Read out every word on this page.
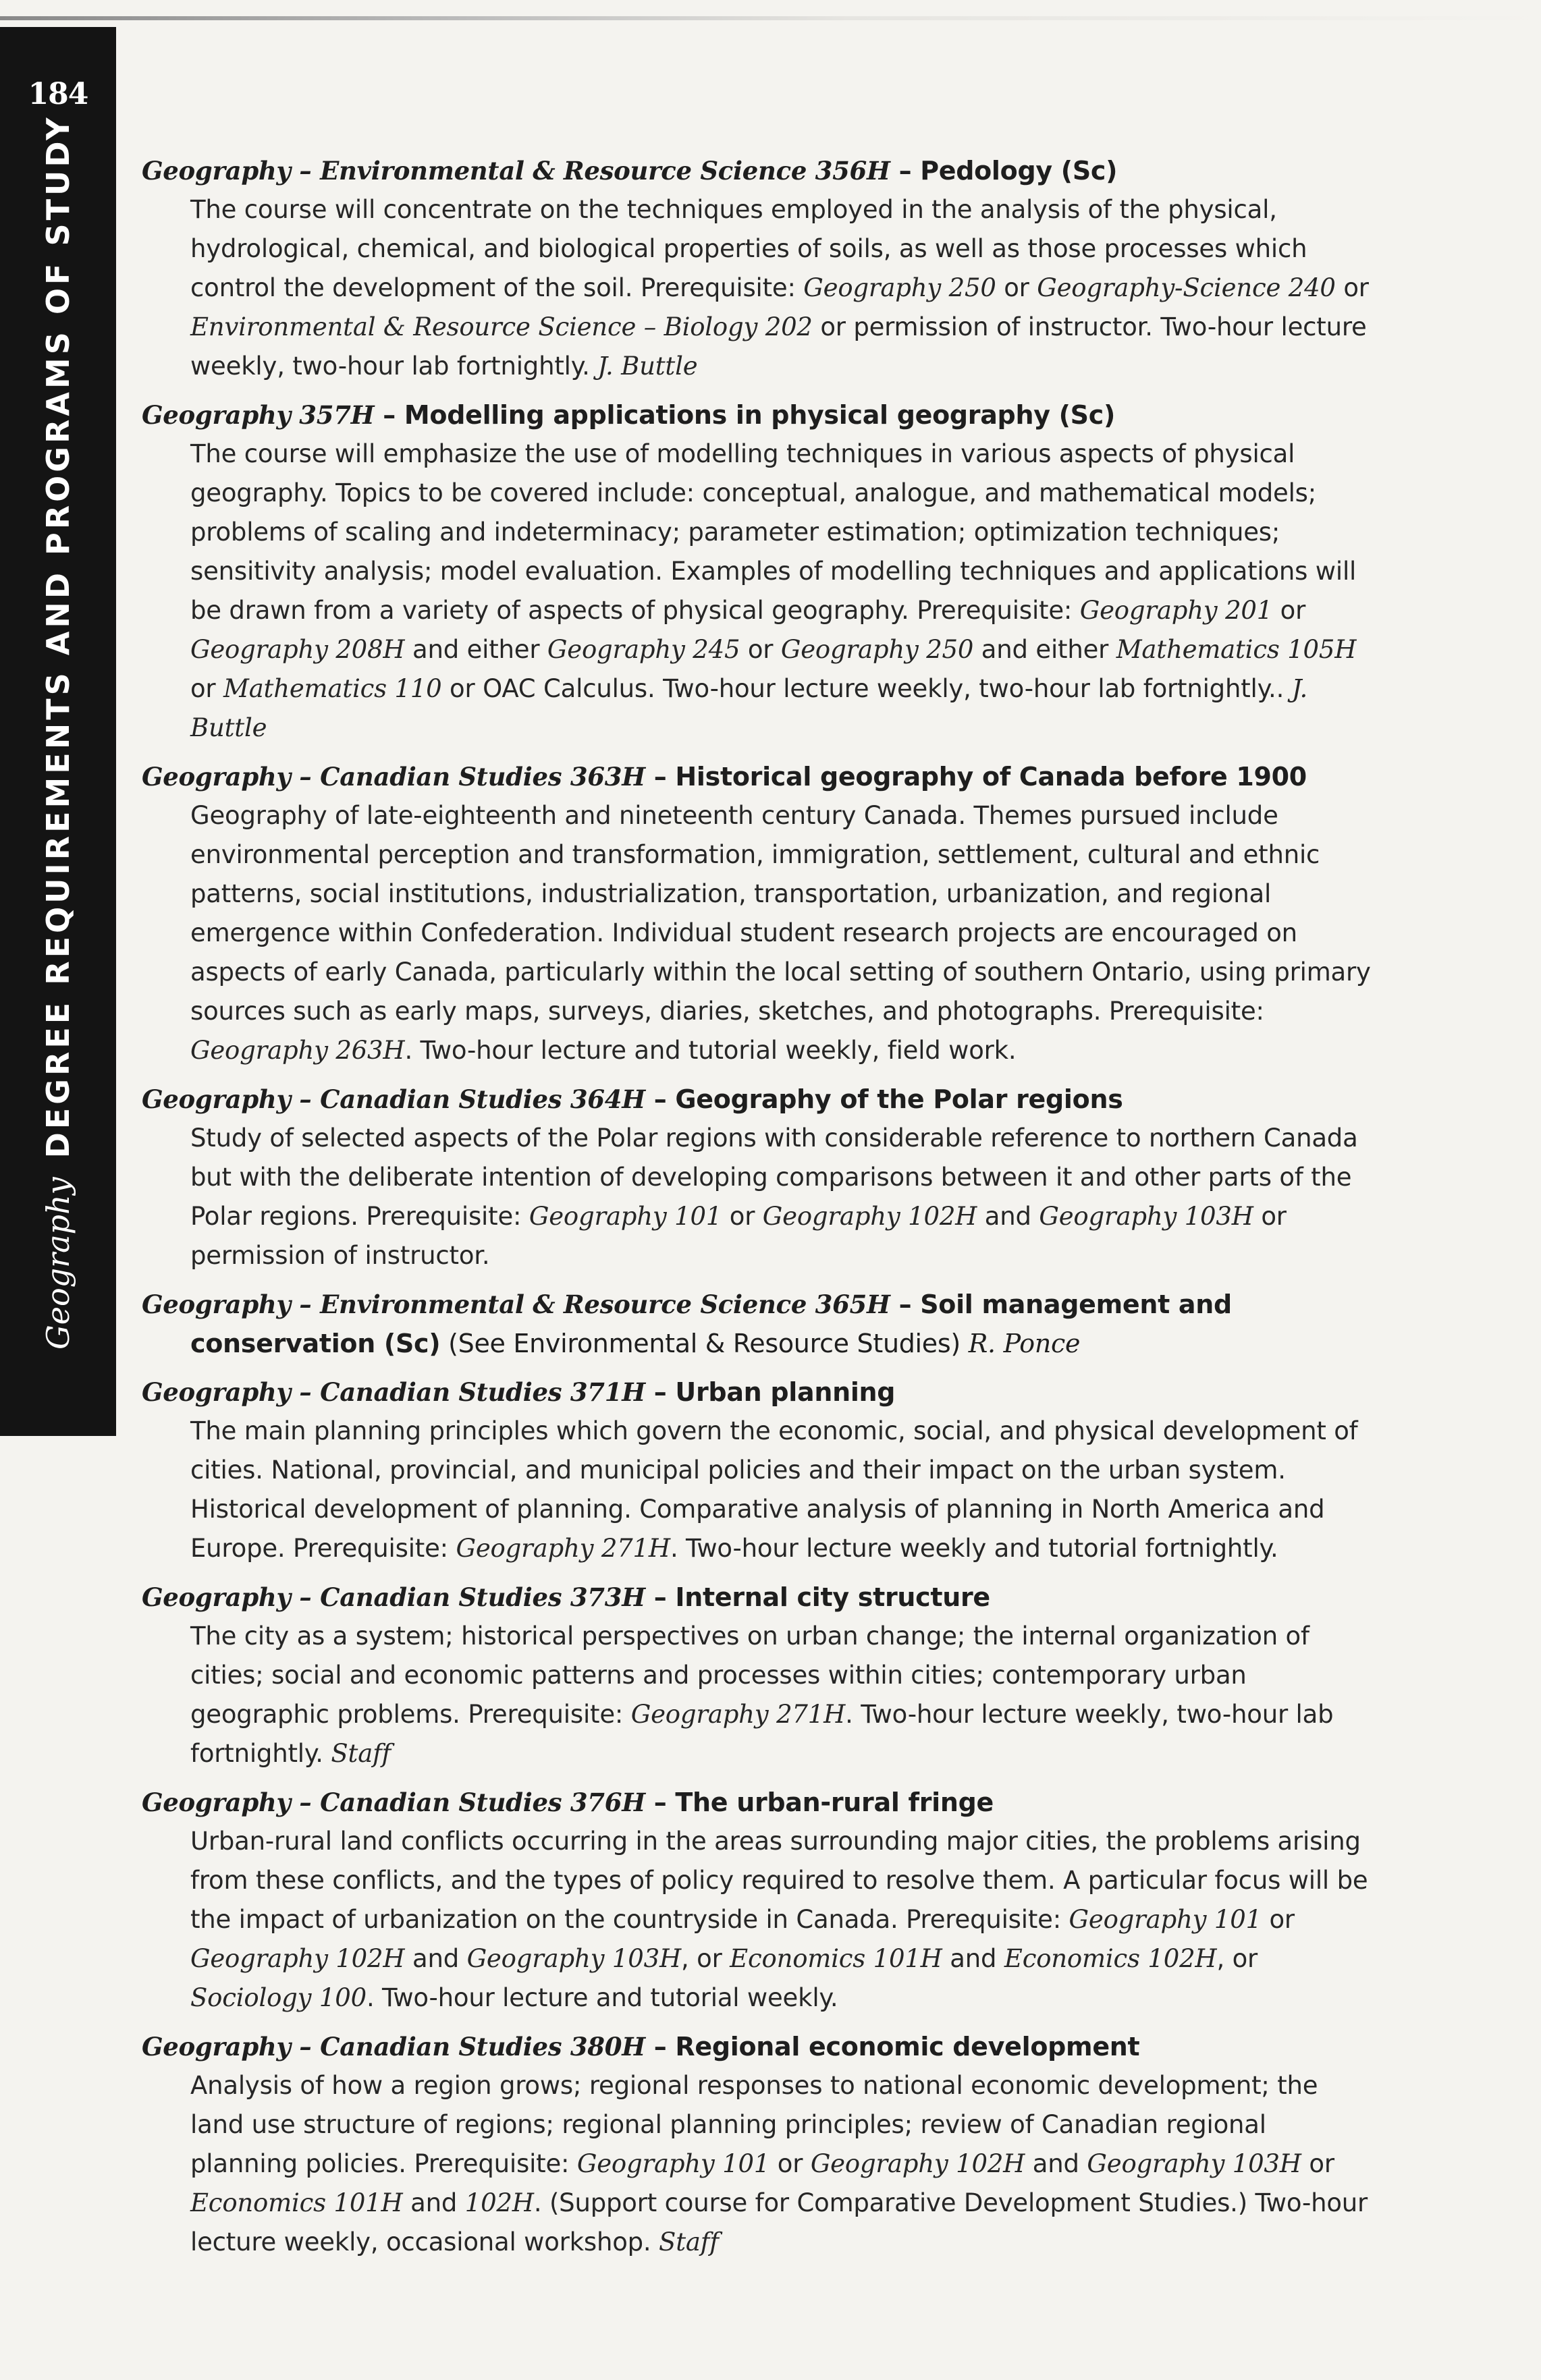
184
GeographyDEGREE REQUIREMENTS AND PROGRAMS OF STUDY	Geography – Environmental & Resource Science 356H – Pedology (Sc)
The course will concentrate on the techniques employed in the analysis of the physical, hydrological, chemical, and biological properties of soils, as well as those processes which control the development of the soil. Prerequisite: Geography 250 or Geography-Science 240 or Environmental & Resource Science – Biology 202 or permission of instructor. Two-hour lecture weekly, two-hour lab fortnightly. J. Buttle
Geography 357H – Modelling applications in physical geography (Sc)
The course will emphasize the use of modelling techniques in various aspects of physical geography. Topics to be covered include: conceptual, analogue, and mathematical models; problems of scaling and indeterminacy; parameter estimation; optimization techniques; sensitivity analysis; model evaluation. Examples of modelling techniques and applications will be drawn from a variety of aspects of physical geography. Prerequisite: Geography 201 or Geography 208H and either Geography 245 or Geography 250 and either Mathematics 105H or Mathematics 110 or OAC Calculus. Two-hour lecture weekly, two-hour lab fortnightly.. J. Buttle
Geography – Canadian Studies 363H – Historical geography of Canada before 1900
Geography of late-eighteenth and nineteenth century Canada. Themes pursued include environmental perception and transformation, immigration, settlement, cultural and ethnic patterns, social institutions, industrialization, transportation, urbanization, and regional emergence within Confederation. Individual student research projects are encouraged on aspects of early Canada, particularly within the local setting of southern Ontario, using primary sources such as early maps, surveys, diaries, sketches, and photographs. Prerequisite: Geography 263H. Two-hour lecture and tutorial weekly, field work.
Geography – Canadian Studies 364H – Geography of the Polar regions
Study of selected aspects of the Polar regions with considerable reference to northern Canada but with the deliberate intention of developing comparisons between it and other parts of the Polar regions. Prerequisite: Geography 101 or Geography 102H and Geography 103H or permission of instructor.
Geography – Environmental & Resource Science 365H – Soil management and conservation (Sc) (See Environmental & Resource Studies) R. Ponce
Geography – Canadian Studies 371H – Urban planning
The main planning principles which govern the economic, social, and physical development of cities. National, provincial, and municipal policies and their impact on the urban system. Historical development of planning. Comparative analysis of planning in North America and Europe. Prerequisite: Geography 271H. Two-hour lecture weekly and tutorial fortnightly.
Geography – Canadian Studies 373H – Internal city structure
The city as a system; historical perspectives on urban change; the internal organization of cities; social and economic patterns and processes within cities; contemporary urban geographic problems. Prerequisite: Geography 271H. Two-hour lecture weekly, two-hour lab fortnightly. Staff
Geography – Canadian Studies 376H – The urban-rural fringe
Urban-rural land conflicts occurring in the areas surrounding major cities, the problems arising from these conflicts, and the types of policy required to resolve them. A particular focus will be the impact of urbanization on the countryside in Canada. Prerequisite: Geography 101 or Geography 102H and Geography 103H, or Economics 101H and Economics 102H, or Sociology 100. Two-hour lecture and tutorial weekly.
Geography – Canadian Studies 380H – Regional economic development
Analysis of how a region grows; regional responses to national economic development; the land use structure of regions; regional planning principles; review of Canadian regional planning policies. Prerequisite: Geography 101 or Geography 102H and Geography 103H or Economics 101H and 102H. (Support course for Comparative Development Studies.) Two-hour lecture weekly, occasional workshop. Staff
